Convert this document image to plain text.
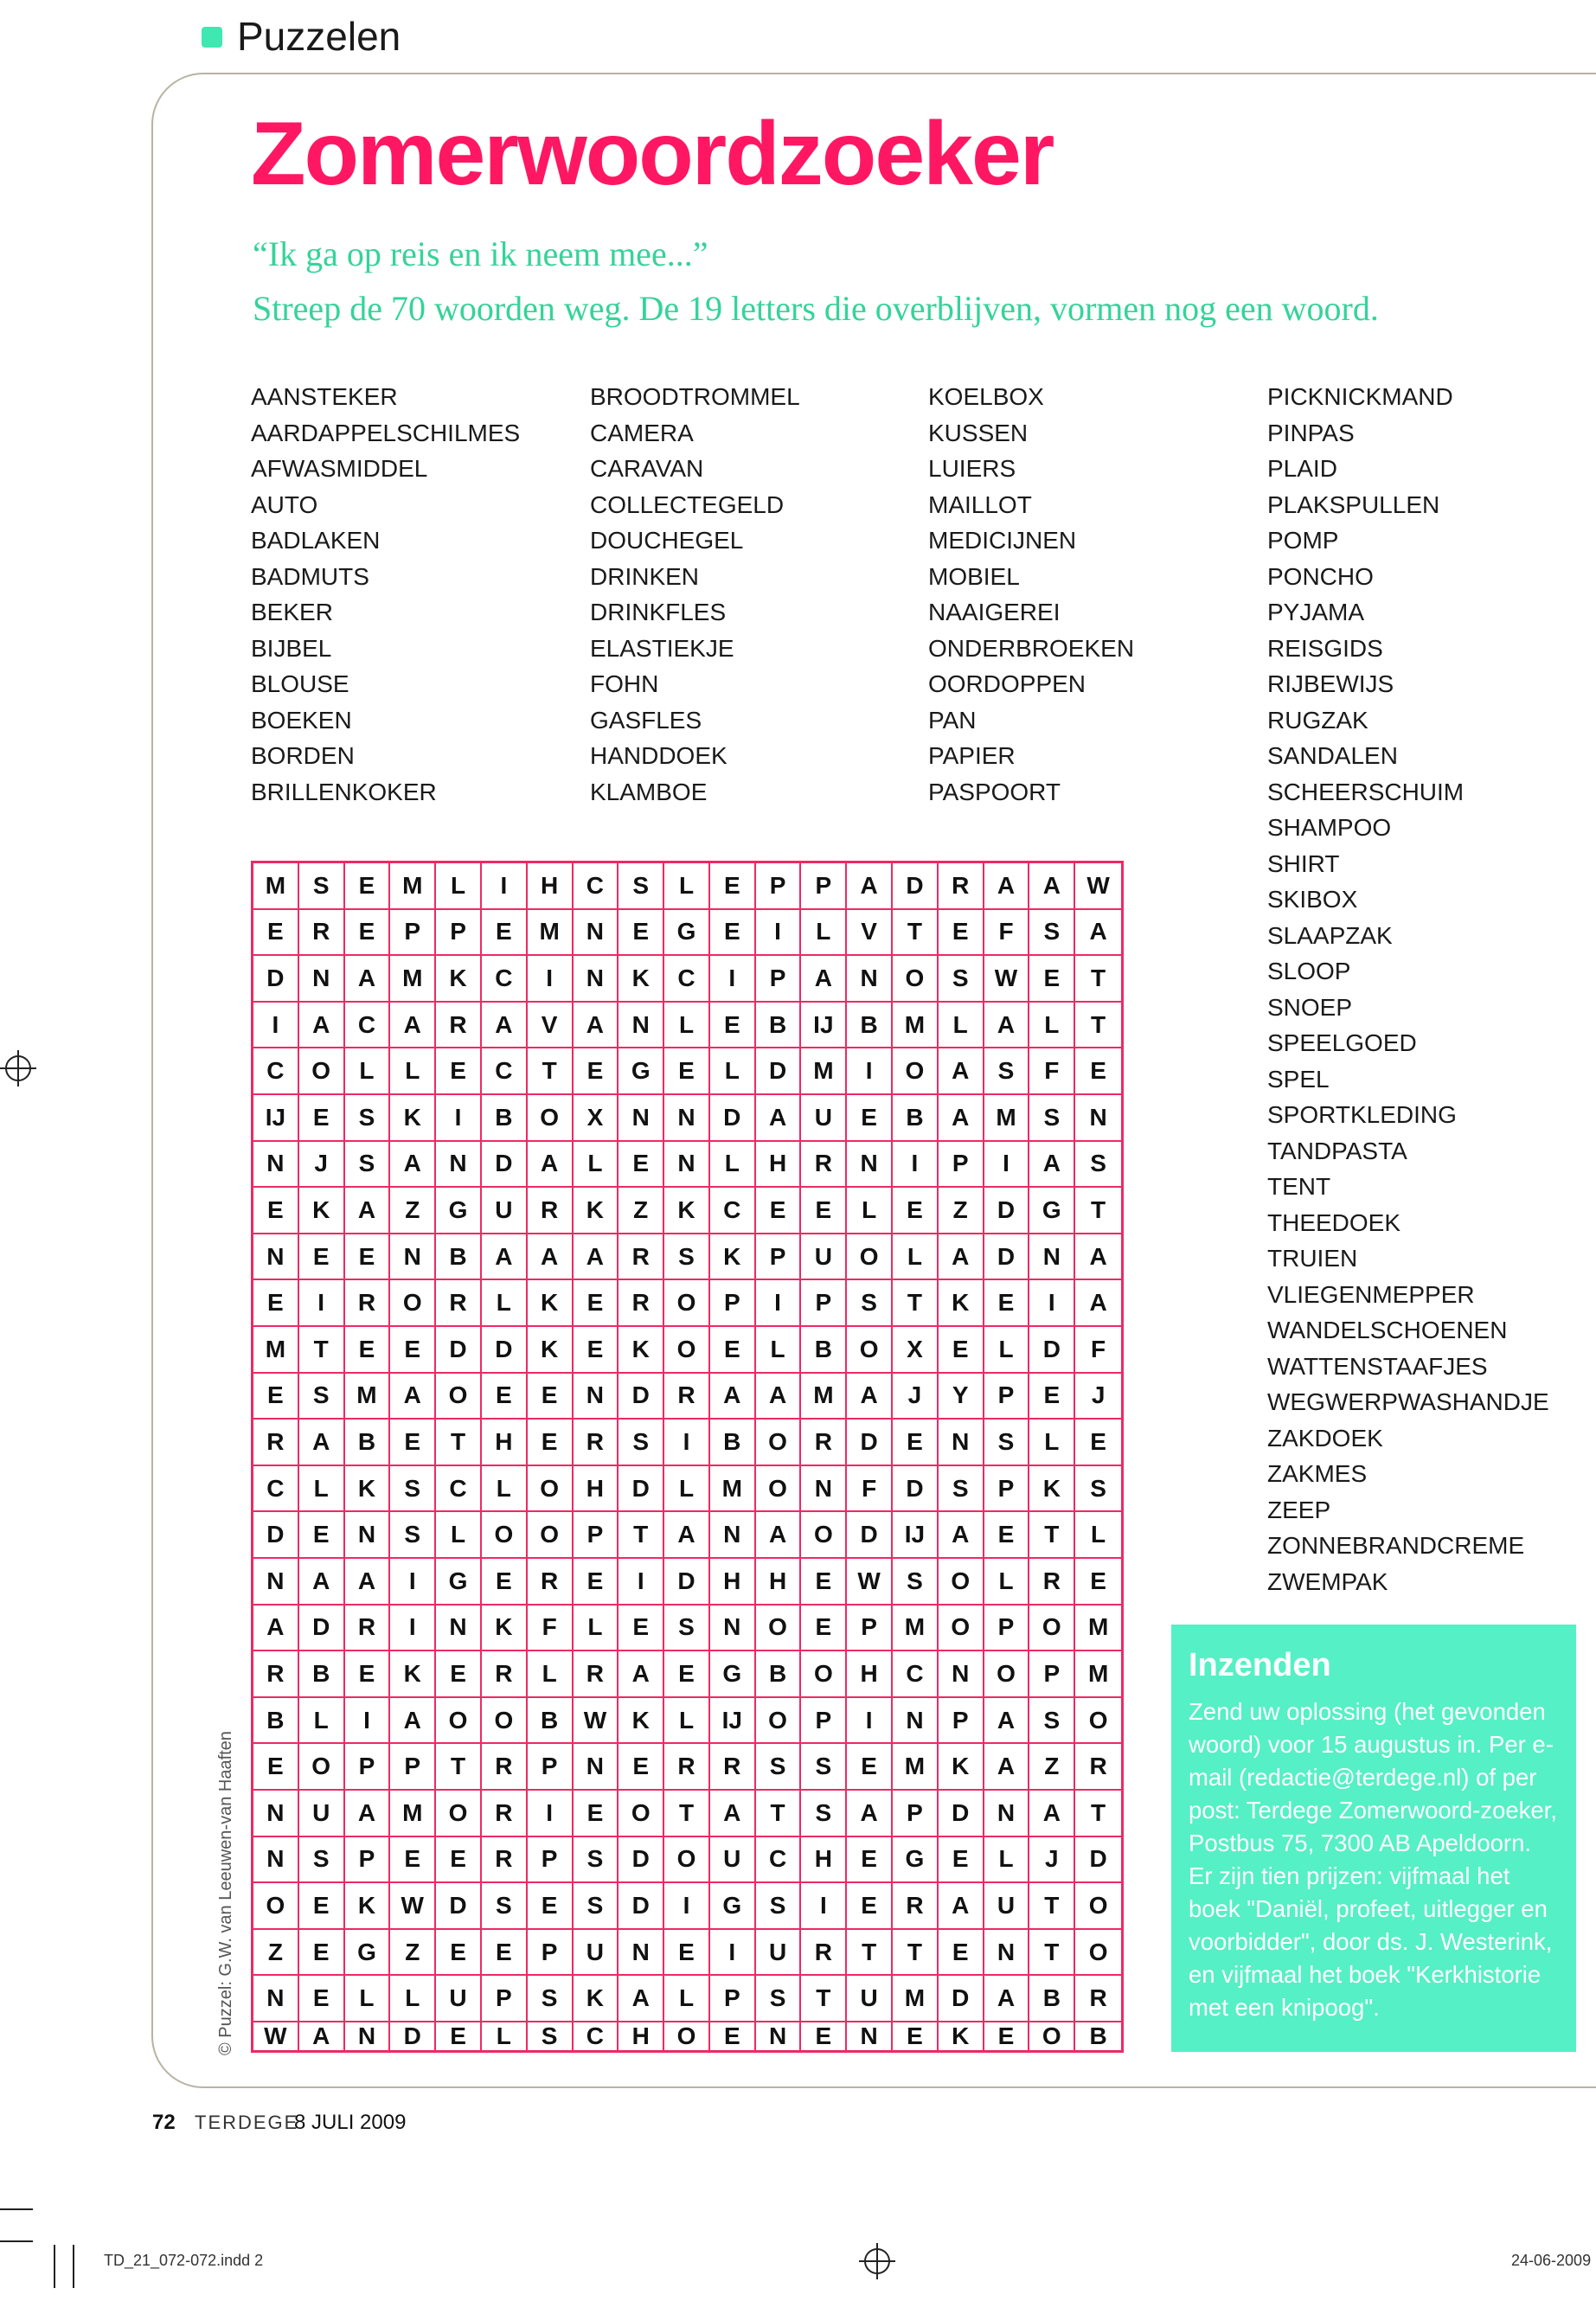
Puzzelen
Zomerwoordzoeker
“Ik ga op reis en ik neem mee...”
Streep de 70 woorden weg. De 19 letters die overblijven, vormen nog een woord.
AANSTEKER
AARDAPPELSCHILMES
AFWASMIDDEL
AUTO
BADLAKEN
BADMUTS
BEKER
BIJBEL
BLOUSE
BOEKEN
BORDEN
BRILLENKOKER
BROODTROMMEL
CAMERA
CARAVAN
COLLECTEGELD
DOUCHEGEL
DRINKEN
DRINKFLES
ELASTIEKJE
FOHN
GASFLES
HANDDOEK
KLAMBOE
KOELBOX
KUSSEN
LUIERS
MAILLOT
MEDICIJNEN
MOBIEL
NAAIGEREI
ONDERBROEKEN
OORDOPPEN
PAN
PAPIER
PASPOORT
PICKNICKMAND
PINPAS
PLAID
PLAKSPULLEN
POMP
PONCHO
PYJAMA
REISGIDS
RIJBEWIJS
RUGZAK
SANDALEN
SCHEERSCHUIM
SHAMPOO
SHIRT
SKIBOX
SLAAPZAK
SLOOP
SNOEP
SPEELGOED
SPEL
SPORTKLEDING
TANDPASTA
TENT
THEEDOEK
TRUIEN
VLIEGENMEPPER
WANDELSCHOENEN
WATTENSTAAFJES
WEGWERPWASHANDJE
ZAKDOEK
ZAKMES
ZEEP
ZONNEBRANDCREME
ZWEMPAK
M	S	E	M	L	I	H	C	S	L	E	P	P	A	D	R	A	A	W
E	R	E	P	P	E	M	N	E	G	E	I	L	V	T	E	F	S	A
D	N	A	M	K	C	I	N	K	C	I	P	A	N	O	S	W	E	T
I	A	C	A	R	A	V	A	N	L	E	B	IJ	B	M	L	A	L	T
C	O	L	L	E	C	T	E	G	E	L	D	M	I	O	A	S	F	E
IJ	E	S	K	I	B	O	X	N	N	D	A	U	E	B	A	M	S	N
N	J	S	A	N	D	A	L	E	N	L	H	R	N	I	P	I	A	S
E	K	A	Z	G	U	R	K	Z	K	C	E	E	L	E	Z	D	G	T
N	E	E	N	B	A	A	A	R	S	K	P	U	O	L	A	D	N	A
E	I	R	O	R	L	K	E	R	O	P	I	P	S	T	K	E	I	A
M	T	E	E	D	D	K	E	K	O	E	L	B	O	X	E	L	D	F
E	S	M	A	O	E	E	N	D	R	A	A	M	A	J	Y	P	E	J
R	A	B	E	T	H	E	R	S	I	B	O	R	D	E	N	S	L	E
C	L	K	S	C	L	O	H	D	L	M	O	N	F	D	S	P	K	S
D	E	N	S	L	O	O	P	T	A	N	A	O	D	IJ	A	E	T	L
N	A	A	I	G	E	R	E	I	D	H	H	E	W	S	O	L	R	E
A	D	R	I	N	K	F	L	E	S	N	O	E	P	M	O	P	O	M
R	B	E	K	E	R	L	R	A	E	G	B	O	H	C	N	O	P	M
B	L	I	A	O	O	B	W	K	L	IJ	O	P	I	N	P	A	S	O
E	O	P	P	T	R	P	N	E	R	R	S	S	E	M	K	A	Z	R
N	U	A	M	O	R	I	E	O	T	A	T	S	A	P	D	N	A	T
N	S	P	E	E	R	P	S	D	O	U	C	H	E	G	E	L	J	D
O	E	K	W	D	S	E	S	D	I	G	S	I	E	R	A	U	T	O
Z	E	G	Z	E	E	P	U	N	E	I	U	R	T	T	E	N	T	O
N	E	L	L	U	P	S	K	A	L	P	S	T	U	M	D	A	B	R
W	A	N	D	E	L	S	C	H	O	E	N	E	N	E	K	E	O	B
© Puzzel: G.W. van Leeuwen-van Haaften
Inzenden
Zend uw oplossing (het gevonden woord) voor 15 augustus in. Per e-mail (redactie@terdege.nl) of per post: Terdege Zomerwoord-zoeker, Postbus 75, 7300 AB Apeldoorn. Er zijn tien prijzen: vijfmaal het boek "Daniël, profeet, uitlegger en voorbidder", door ds. J. Westerink, en vijfmaal het boek "Kerkhistorie met een knipoog".
72 TERDEGE
8 JULI 2009
TD_21_072-072.indd 2	24-06-2009
